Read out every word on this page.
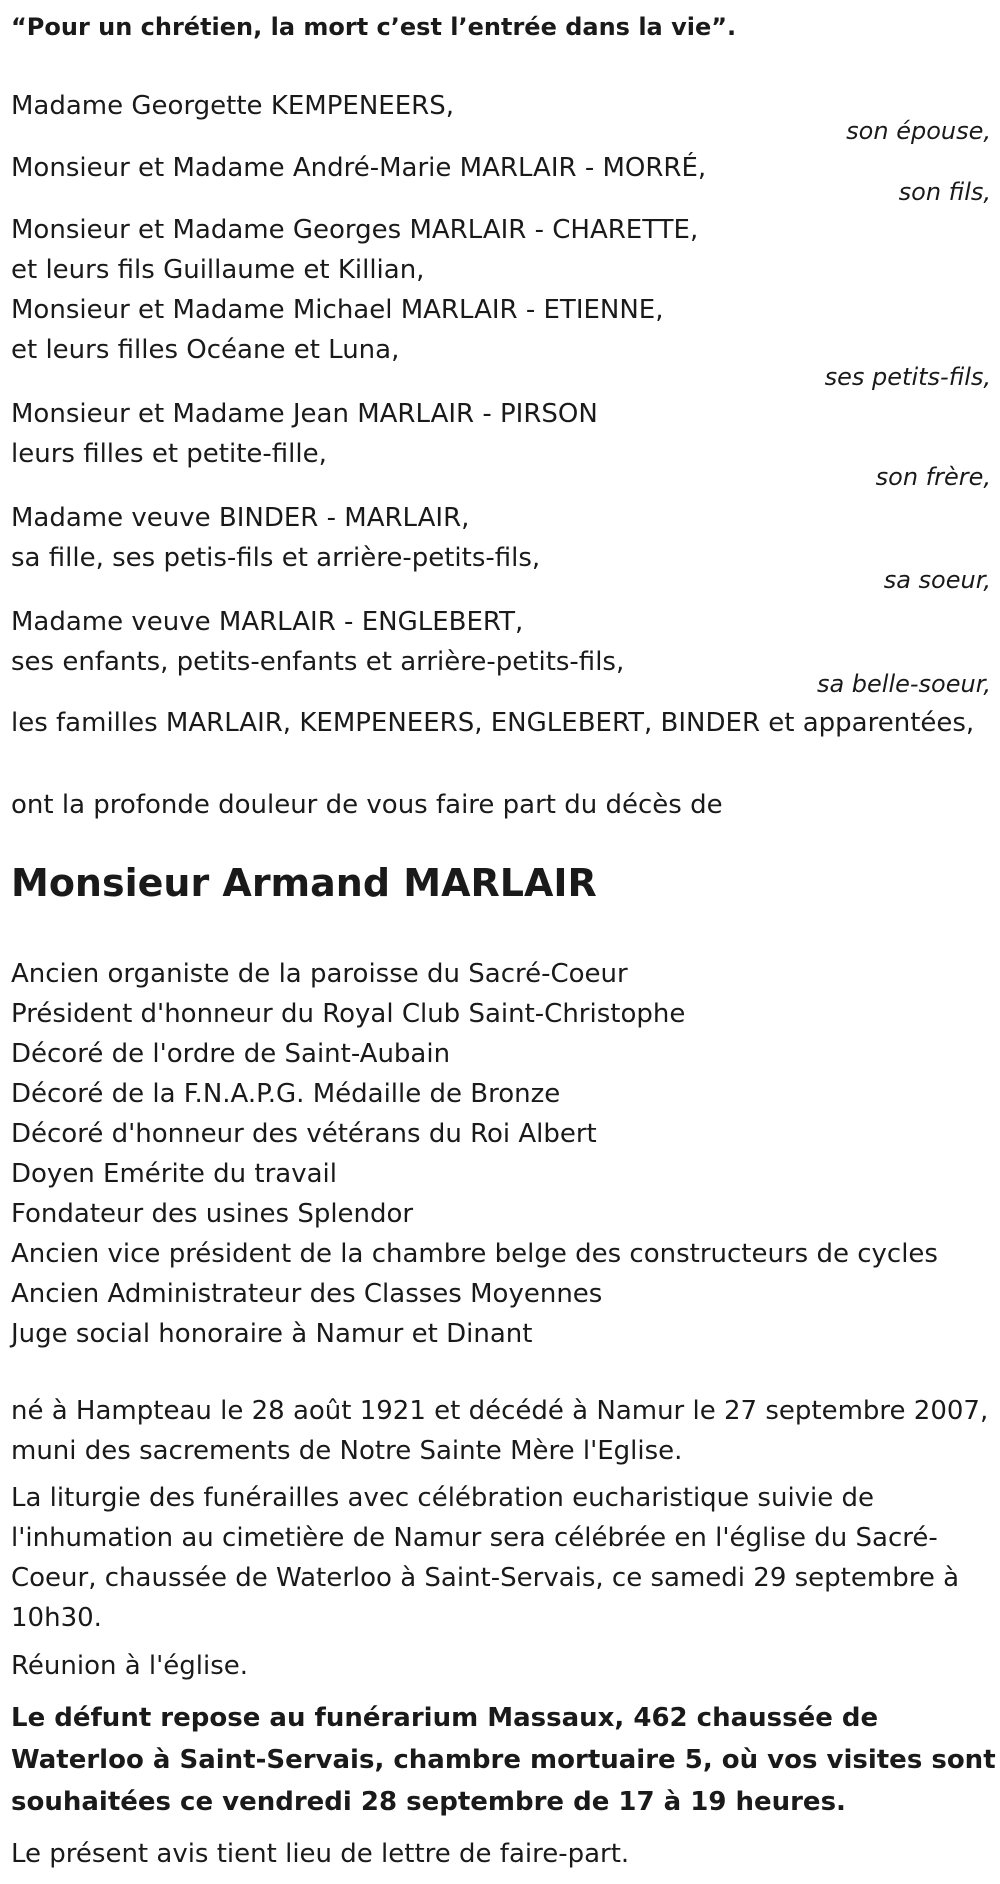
“Pour un chrétien, la mort c’est l’entrée dans la vie”.
Madame Georgette KEMPENEERS,
son épouse,
Monsieur et Madame André-Marie MARLAIR - MORRÉ,
son fils,
Monsieur et Madame Georges MARLAIR - CHARETTE,
et leurs fils Guillaume et Killian,
Monsieur et Madame Michael MARLAIR - ETIENNE,
et leurs filles Océane et Luna,
ses petits-fils,
Monsieur et Madame Jean MARLAIR - PIRSON
leurs filles et petite-fille,
son frère,
Madame veuve BINDER - MARLAIR,
sa fille, ses petis-fils et arrière-petits-fils,
sa soeur,
Madame veuve MARLAIR - ENGLEBERT,
ses enfants, petits-enfants et arrière-petits-fils,
sa belle-soeur,
les familles MARLAIR, KEMPENEERS, ENGLEBERT, BINDER et apparentées,
ont la profonde douleur de vous faire part du décès de
Monsieur Armand MARLAIR
Ancien organiste de la paroisse du Sacré-Coeur
Président d'honneur du Royal Club Saint-Christophe
Décoré de l'ordre de Saint-Aubain
Décoré de la F.N.A.P.G. Médaille de Bronze
Décoré d'honneur des vétérans du Roi Albert
Doyen Emérite du travail
Fondateur des usines Splendor
Ancien vice président de la chambre belge des constructeurs de cycles
Ancien Administrateur des Classes Moyennes
Juge social honoraire à Namur et Dinant
né à Hampteau le 28 août 1921 et décédé à Namur le 27 septembre 2007, muni des sacrements de Notre Sainte Mère l'Eglise.
La liturgie des funérailles avec célébration eucharistique suivie de l'inhumation au cimetière de Namur sera célébrée en l'église du Sacré-Coeur, chaussée de Waterloo à Saint-Servais, ce samedi 29 septembre à 10h30.
Réunion à l'église.
Le défunt repose au funérarium Massaux, 462 chaussée de Waterloo à Saint-Servais, chambre mortuaire 5, où vos visites sont souhaitées ce vendredi 28 septembre de 17 à 19 heures.
Le présent avis tient lieu de lettre de faire-part.
